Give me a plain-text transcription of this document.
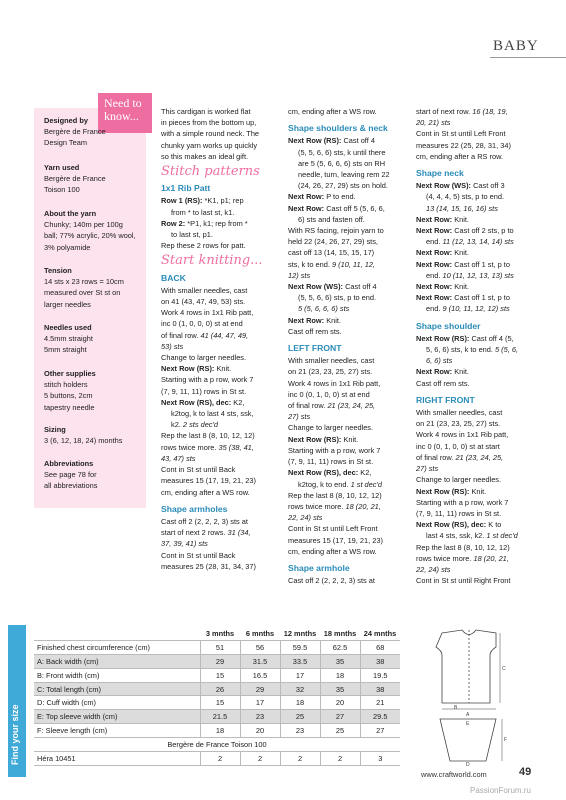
BABY
Need to
know...
Designed by
Bergère de France
Design Team
Yarn used
Bergère de France
Toison 100
About the yarn
Chunky; 140m per 100g
ball; 77% acrylic, 20% wool,
3% polyamide
Tension
14 sts x 23 rows = 10cm
measured over St st on
larger needles
Needles used
4.5mm straight
5mm straight
Other supplies
stitch holders
5 buttons, 2cm
tapestry needle
Sizing
3 (6, 12, 18, 24) months
Abbreviations
See page 78 for
all abbreviations

This cardigan is worked flat

in pieces from the bottom up,

with a simple round neck. The

chunky yarn works up quickly

so this makes an ideal gift.

Stitch patterns
1x1 Rib Patt

Row 1 (RS): *K1, p1; rep

from * to last st, k1.

Row 2: *P1, k1; rep from *

to last st, p1.

Rep these 2 rows for patt.

Start knitting...
BACK

With smaller needles, cast

on 41 (43, 47, 49, 53) sts.

Work 4 rows in 1x1 Rib patt,

inc 0 (1, 0, 0, 0) st at end

of final row. 41 (44, 47, 49,

53) sts

Change to larger needles.

Next Row (RS): Knit.

Starting with a p row, work 7

(7, 9, 11, 11) rows in St st.

Next Row (RS), dec: K2,

k2tog, k to last 4 sts, ssk,

k2. 2 sts dec'd

Rep the last 8 (8, 10, 12, 12)

rows twice more. 35 (38, 41,

43, 47) sts

Cont in St st until Back

measures 15 (17, 19, 21, 23)

cm, ending after a WS row.

Shape armholes

Cast off 2 (2, 2, 2, 3) sts at

start of next 2 rows. 31 (34,

37, 39, 41) sts

Cont in St st until Back

measures 25 (28, 31, 34, 37)

cm, ending after a WS row.

Shape shoulders & neck

Next Row (RS): Cast off 4

(5, 5, 6, 6) sts, k until there

are 5 (5, 6, 6, 6) sts on RH

needle, turn, leaving rem 22

(24, 26, 27, 29) sts on hold.

Next Row: P to end.

Next Row: Cast off 5 (5, 6, 6,

6) sts and fasten off.

With RS facing, rejoin yarn to

held 22 (24, 26, 27, 29) sts,

cast off 13 (14, 15, 15, 17)

sts, k to end. 9 (10, 11, 12,

12) sts

Next Row (WS): Cast off 4

(5, 5, 6, 6) sts, p to end.

5 (5, 6, 6, 6) sts

Next Row: Knit.

Cast off rem sts.

LEFT FRONT

With smaller needles, cast

on 21 (23, 23, 25, 27) sts.

Work 4 rows in 1x1 Rib patt,

inc 0 (0, 1, 0, 0) st at end

of final row. 21 (23, 24, 25,

27) sts

Change to larger needles.

Next Row (RS): Knit.

Starting with a p row, work 7

(7, 9, 11, 11) rows in St st.

Next Row (RS), dec: K2,

k2tog, k to end. 1 st dec'd

Rep the last 8 (8, 10, 12, 12)

rows twice more. 18 (20, 21,

22, 24) sts

Cont in St st until Left Front

measures 15 (17, 19, 21, 23)

cm, ending after a WS row.

Shape armhole

Cast off 2 (2, 2, 2, 3) sts at

start of next row. 16 (18, 19,

20, 21) sts

Cont in St st until Left Front

measures 22 (25, 28, 31, 34)

cm, ending after a RS row.

Shape neck

Next Row (WS): Cast off 3

(4, 4, 4, 5) sts, p to end.

13 (14, 15, 16, 16) sts

Next Row: Knit.

Next Row: Cast off 2 sts, p to

end. 11 (12, 13, 14, 14) sts

Next Row: Knit.

Next Row: Cast off 1 st, p to

end. 10 (11, 12, 13, 13) sts

Next Row: Knit.

Next Row: Cast off 1 st, p to

end. 9 (10, 11, 12, 12) sts

Shape shoulder

Next Row (RS): Cast off 4 (5,

5, 6, 6) sts, k to end. 5 (5, 6,

6, 6) sts

Next Row: Knit.

Cast off rem sts.

RIGHT FRONT

With smaller needles, cast

on 21 (23, 23, 25, 27) sts.

Work 4 rows in 1x1 Rib patt,

inc 0 (0, 1, 0, 0) st at start

of final row. 21 (23, 24, 25,

27) sts

Change to larger needles.

Next Row (RS): Knit.

Starting with a p row, work 7

(7, 9, 11, 11) rows in St st.

Next Row (RS), dec: K to

last 4 sts, ssk, k2. 1 st dec'd

Rep the last 8 (8, 10, 12, 12)

rows twice more. 18 (20, 21,

22, 24) sts

Cont in St st until Right Front

Find your size
	3 mnths	6 mnths	12 mnths	18 mnths	24 mnths
Finished chest circumference (cm)	51	56	59.5	62.5	68
A: Back width (cm)	29	31.5	33.5	35	38
B: Front width (cm)	15	16.5	17	18	19.5
C: Total length (cm)	26	29	32	35	38
D: Cuff width (cm)	15	17	18	20	21
E: Top sleeve width (cm)	21.5	23	25	27	29.5
F: Sleeve length (cm)	18	20	23	25	27
Bergère de France Toison 100					
Héra 10451	2	2	2	2	3
A
B
C
D
E
F
www.craftworld.com	49
PassionForum.ru
